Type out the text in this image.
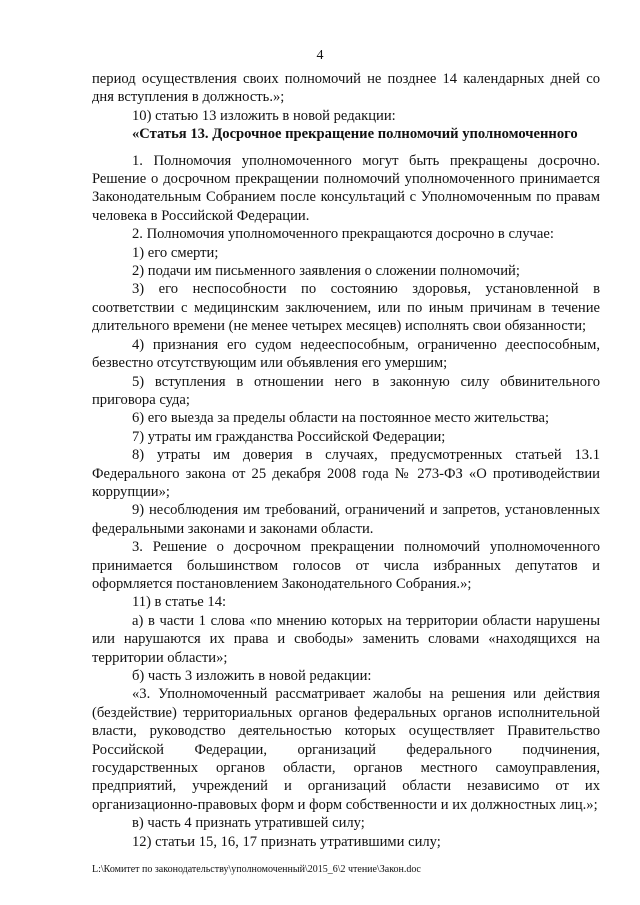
4

период осуществления своих полномочий не позднее 14 календарных дней со дня вступления в должность.»;

10) статью 13 изложить в новой редакции:

«Статья 13. Досрочное прекращение полномочий уполномоченного

1. Полномочия уполномоченного могут быть прекращены досрочно. Решение о досрочном прекращении полномочий уполномоченного принимается Законодательным Собранием после консультаций с Уполномоченным по правам человека в Российской Федерации.

2. Полномочия уполномоченного прекращаются досрочно в случае:

1) его смерти;

2) подачи им письменного заявления о сложении полномочий;

3) его неспособности по состоянию здоровья, установленной в соответствии с медицинским заключением, или по иным причинам в течение длительного времени (не менее четырех месяцев) исполнять свои обязанности;

4) признания его судом недееспособным, ограниченно дееспособным, безвестно отсутствующим или объявления его умершим;

5) вступления в отношении него в законную силу обвинительного приговора суда;

6) его выезда за пределы области на постоянное место жительства;

7) утраты им гражданства Российской Федерации;

8) утраты им доверия в случаях, предусмотренных статьей 13.1 Федерального закона от 25 декабря 2008 года № 273-ФЗ «О противодействии коррупции»;

9) несоблюдения им требований, ограничений и запретов, установленных федеральными законами и законами области.

3. Решение о досрочном прекращении полномочий уполномоченного принимается большинством голосов от числа избранных депутатов и оформляется постановлением Законодательного Собрания.»;

11) в статье 14:

а) в части 1 слова «по мнению которых на территории области нарушены или нарушаются их права и свободы» заменить словами «находящихся на территории области»;

б) часть 3 изложить в новой редакции:

«3. Уполномоченный рассматривает жалобы на решения или действия (бездействие) территориальных органов федеральных органов исполнительной власти, руководство деятельностью которых осуществляет Правительство Российской Федерации, организаций федерального подчинения, государственных органов области, органов местного самоуправления, предприятий, учреждений и организаций области независимо от их организационно-правовых форм и форм собственности и их должностных лиц.»;

в) часть 4 признать утратившей силу;

12) статьи 15, 16, 17 признать утратившими силу;

L:\Комитет по законодательству\уполномоченный\2015_6\2 чтение\Закон.doc
